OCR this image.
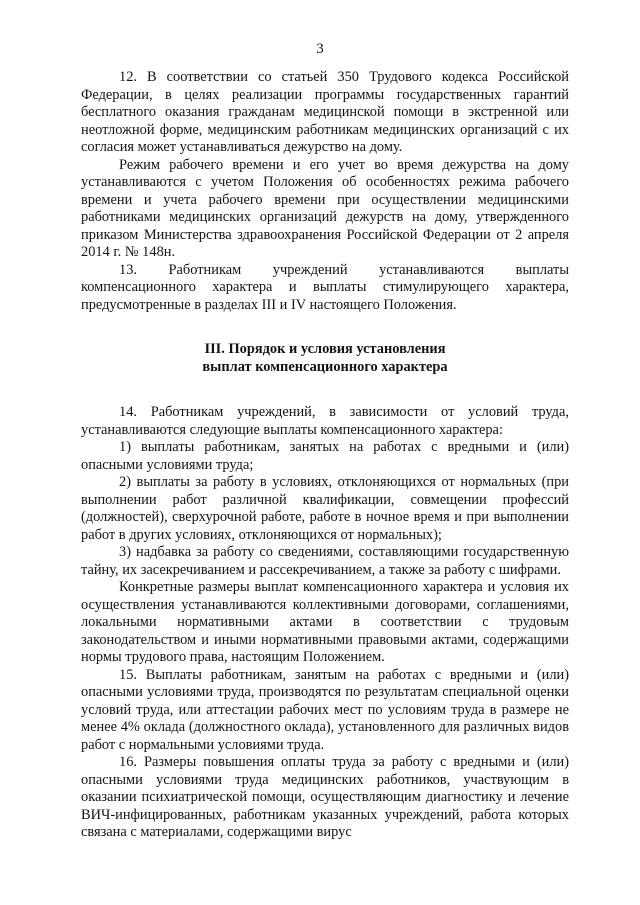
3

12. В соответствии со статьей 350 Трудового кодекса Российской Федерации, в целях реализации программы государственных гарантий бесплатного оказания гражданам медицинской помощи в экстренной или неотложной форме, медицинским работникам медицинских организаций с их согласия может устанавливаться дежурство на дому.

Режим рабочего времени и его учет во время дежурства на дому устанавливаются с учетом Положения об особенностях режима рабочего времени и учета рабочего времени при осуществлении медицинскими работниками медицинских организаций дежурств на дому, утвержденного приказом Министерства здравоохранения Российской Федерации от 2 апреля 2014 г. № 148н.

13. Работникам учреждений устанавливаются выплаты компенсационного характера и выплаты стимулирующего характера, предусмотренные в разделах III и IV настоящего Положения.

III. Порядок и условия установления
выплат компенсационного характера

14. Работникам учреждений, в зависимости от условий труда, устанавливаются следующие выплаты компенсационного характера:

1) выплаты работникам, занятых на работах с вредными и (или) опасными условиями труда;

2) выплаты за работу в условиях, отклоняющихся от нормальных (при выполнении работ различной квалификации, совмещении профессий (должностей), сверхурочной работе, работе в ночное время и при выполнении работ в других условиях, отклоняющихся от нормальных);

3) надбавка за работу со сведениями, составляющими государственную тайну, их засекречиванием и рассекречиванием, а также за работу с шифрами.

Конкретные размеры выплат компенсационного характера и условия их осуществления устанавливаются коллективными договорами, соглашениями, локальными нормативными актами в соответствии с трудовым законодательством и иными нормативными правовыми актами, содержащими нормы трудового права, настоящим Положением.

15. Выплаты работникам, занятым на работах с вредными и (или) опасными условиями труда, производятся по результатам специальной оценки условий труда, или аттестации рабочих мест по условиям труда в размере не менее 4% оклада (должностного оклада), установленного для различных видов работ с нормальными условиями труда.

16. Размеры повышения оплаты труда за работу с вредными и (или) опасными условиями труда медицинских работников, участвующим в оказании психиатрической помощи, осуществляющим диагностику и лечение ВИЧ-инфицированных, работникам указанных учреждений, работа которых связана с материалами, содержащими вирус
